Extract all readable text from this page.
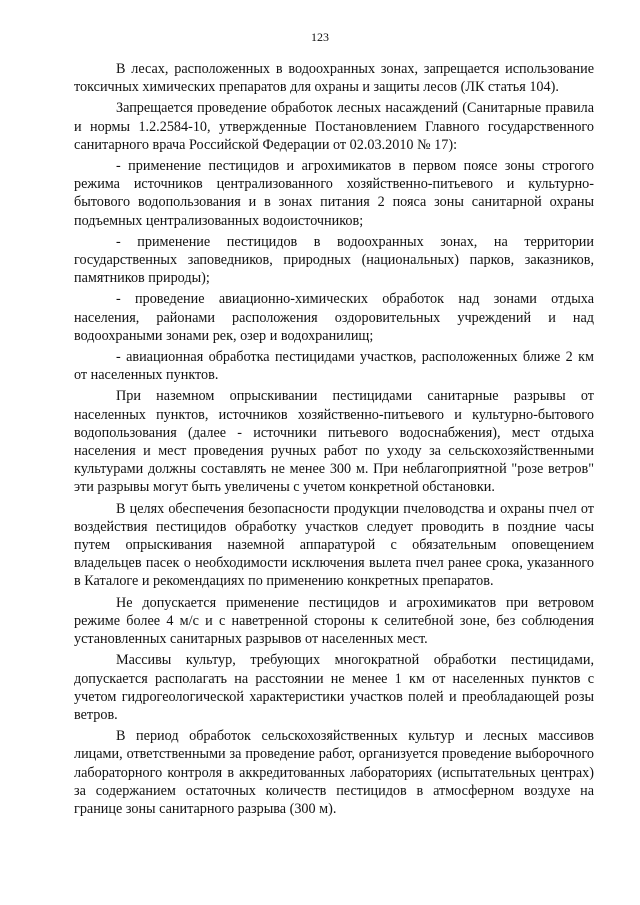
123

В лесах, расположенных в водоохранных зонах, запрещается использование токсичных химических препаратов для охраны и защиты лесов (ЛК статья 104).

Запрещается проведение обработок лесных насаждений (Санитарные правила и нормы 1.2.2584-10, утвержденные Постановлением Главного государственного санитарного врача Российской Федерации от 02.03.2010 № 17):

- применение пестицидов и агрохимикатов в первом поясе зоны строгого режима источников централизованного хозяйственно-питьевого и культурно-бытового водопользования и в зонах питания 2 пояса зоны санитарной охраны подъемных централизованных водоисточников;

- применение пестицидов в водоохранных зонах, на территории государственных заповедников, природных (национальных) парков, заказников, памятников природы);

- проведение авиационно-химических обработок над зонами отдыха населения, районами расположения оздоровительных учреждений и над водоохраными зонами рек, озер и водохранилищ;

- авиационная обработка пестицидами участков, расположенных ближе 2 км от населенных пунктов.

При наземном опрыскивании пестицидами санитарные разрывы от населенных пунктов, источников хозяйственно-питьевого и культурно-бытового водопользования (далее - источники питьевого водоснабжения), мест отдыха населения и мест проведения ручных работ по уходу за сельскохозяйственными культурами должны составлять не менее 300 м. При неблагоприятной "розе ветров" эти разрывы могут быть увеличены с учетом конкретной обстановки.

В целях обеспечения безопасности продукции пчеловодства и охраны пчел от воздействия пестицидов обработку участков следует проводить в поздние часы путем опрыскивания наземной аппаратурой с обязательным оповещением владельцев пасек о необходимости исключения вылета пчел ранее срока, указанного в Каталоге и рекомендациях по применению конкретных препаратов.

Не допускается применение пестицидов и агрохимикатов при ветровом режиме более 4 м/с и с наветренной стороны к селитебной зоне, без соблюдения установленных санитарных разрывов от населенных мест.

Массивы культур, требующих многократной обработки пестицидами, допускается располагать на расстоянии не менее 1 км от населенных пунктов с учетом гидрогеологической характеристики участков полей и преобладающей розы ветров.

В период обработок сельскохозяйственных культур и лесных массивов лицами, ответственными за проведение работ, организуется проведение выборочного лабораторного контроля в аккредитованных лабораториях (испытательных центрах) за содержанием остаточных количеств пестицидов в атмосферном воздухе на границе зоны санитарного разрыва (300 м).
